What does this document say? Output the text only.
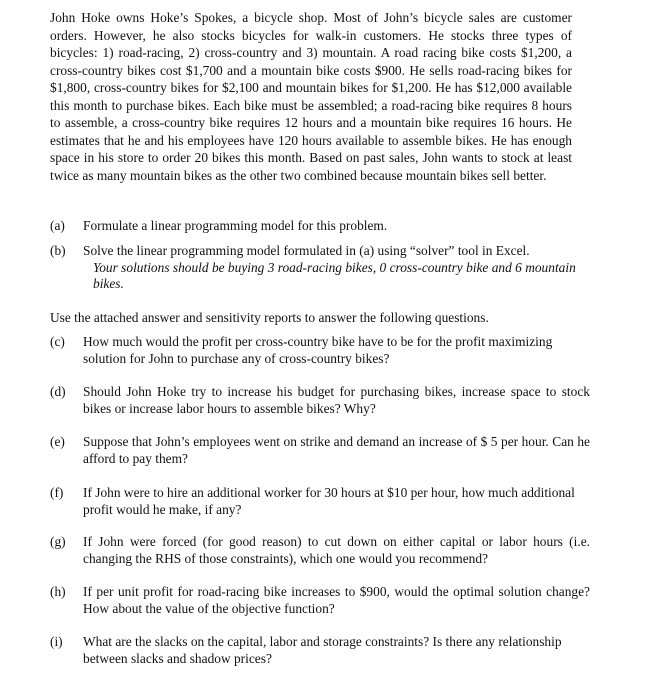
John Hoke owns Hoke’s Spokes, a bicycle shop. Most of John’s bicycle sales are customer orders. However, he also stocks bicycles for walk-in customers. He stocks three types of bicycles: 1) road-racing, 2) cross-country and 3) mountain. A road racing bike costs $1,200, a cross-country bikes cost $1,700 and a mountain bike costs $900. He sells road-racing bikes for $1,800, cross-country bikes for $2,100 and mountain bikes for $1,200. He has $12,000 available this month to purchase bikes. Each bike must be assembled; a road-racing bike requires 8 hours to assemble, a cross-country bike requires 12 hours and a mountain bike requires 16 hours. He estimates that he and his employees have 120 hours available to assemble bikes. He has enough space in his store to order 20 bikes this month. Based on past sales, John wants to stock at least twice as many mountain bikes as the other two combined because mountain bikes sell better.

(a) Formulate a linear programming model for this problem.
(b) Solve the linear programming model formulated in (a) using “solver” tool in Excel.
Your solutions should be buying 3 road-racing bikes, 0 cross-country bike and 6 mountain bikes.

Use the attached answer and sensitivity reports to answer the following questions.

(c) How much would the profit per cross-country bike have to be for the profit maximizing solution for John to purchase any of cross-country bikes?
(d) Should John Hoke try to increase his budget for purchasing bikes, increase space to stock bikes or increase labor hours to assemble bikes? Why?
(e) Suppose that John’s employees went on strike and demand an increase of $ 5 per hour. Can he afford to pay them?
(f) If John were to hire an additional worker for 30 hours at $10 per hour, how much additional profit would he make, if any?
(g) If John were forced (for good reason) to cut down on either capital or labor hours (i.e. changing the RHS of those constraints), which one would you recommend?
(h) If per unit profit for road-racing bike increases to $900, would the optimal solution change? How about the value of the objective function?
(i) What are the slacks on the capital, labor and storage constraints? Is there any relationship between slacks and shadow prices?
